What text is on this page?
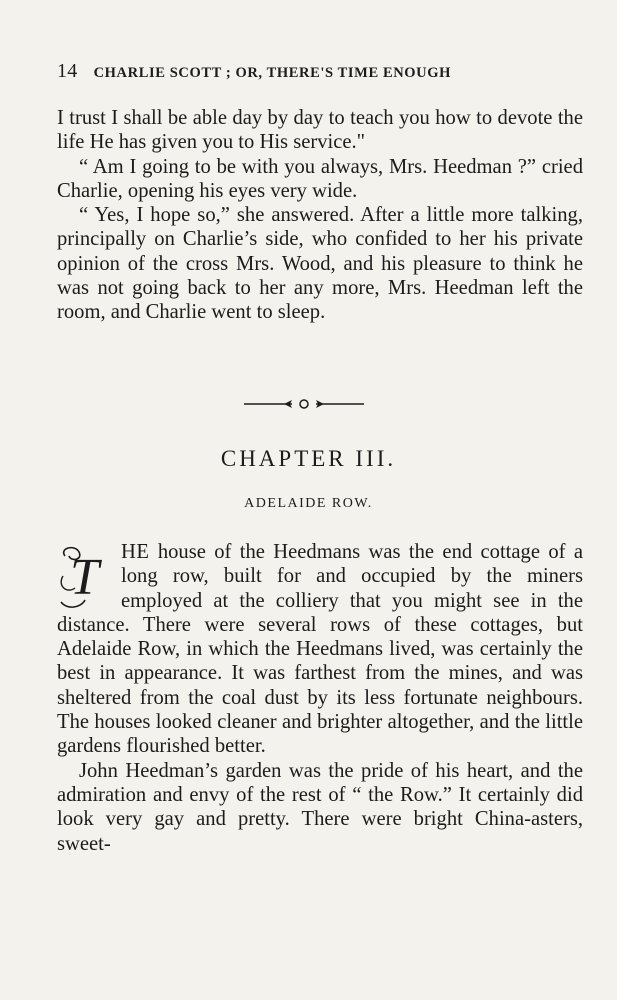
14 CHARLIE SCOTT ; OR, THERE'S TIME ENOUGH

I trust I shall be able day by day to teach you how to devote the life He has given you to His service."

“ Am I going to be with you always, Mrs. Heedman ?” cried Charlie, opening his eyes very wide.

“ Yes, I hope so,” she answered. After a little more talking, principally on Charlie’s side, who confided to her his private opinion of the cross Mrs. Wood, and his pleasure to think he was not going back to her any more, Mrs. Heedman left the room, and Charlie went to sleep.

CHAPTER III.
ADELAIDE ROW.

T HE house of the Heedmans was the end cottage of a long row, built for and occupied by the miners employed at the colliery that you might see in the distance. There were several rows of these cottages, but Adelaide Row, in which the Heedmans lived, was certainly the best in appearance. It was farthest from the mines, and was sheltered from the coal dust by its less fortunate neighbours. The houses looked cleaner and brighter altogether, and the little gardens flourished better.

John Heedman’s garden was the pride of his heart, and the admiration and envy of the rest of “ the Row.” It certainly did look very gay and pretty. There were bright China-asters, sweet-
